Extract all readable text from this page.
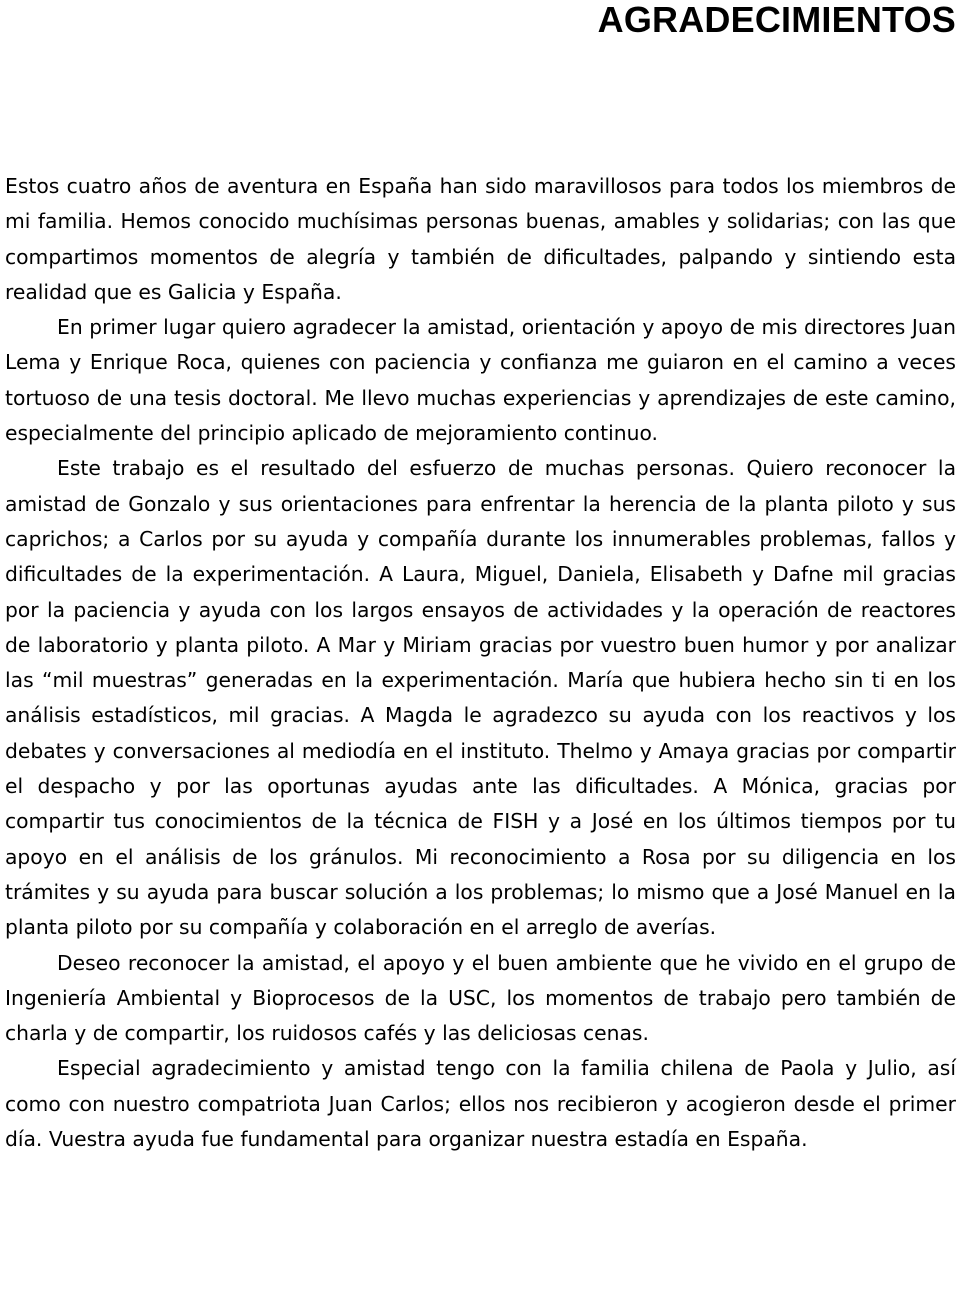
AGRADECIMIENTOS

Estos cuatro años de aventura en España han sido maravillosos para todos los miembros de mi familia. Hemos conocido muchísimas personas buenas, amables y solidarias; con las que compartimos momentos de alegría y también de dificultades, palpando y sintiendo esta realidad que es Galicia y España.

En primer lugar quiero agradecer la amistad, orientación y apoyo de mis directores Juan Lema y Enrique Roca, quienes con paciencia y confianza me guiaron en el camino a veces tortuoso de una tesis doctoral. Me llevo muchas experiencias y aprendizajes de este camino, especialmente del principio aplicado de mejoramiento continuo.

Este trabajo es el resultado del esfuerzo de muchas personas. Quiero reconocer la amistad de Gonzalo y sus orientaciones para enfrentar la herencia de la planta piloto y sus caprichos; a Carlos por su ayuda y compañía durante los innumerables problemas, fallos y dificultades de la experimentación. A Laura, Miguel, Daniela, Elisabeth y Dafne mil gracias por la paciencia y ayuda con los largos ensayos de actividades y la operación de reactores de laboratorio y planta piloto. A Mar y Miriam gracias por vuestro buen humor y por analizar las “mil muestras” generadas en la experimentación. María que hubiera hecho sin ti en los análisis estadísticos, mil gracias. A Magda le agradezco su ayuda con los reactivos y los debates y conversaciones al mediodía en el instituto. Thelmo y Amaya gracias por compartir el despacho y por las oportunas ayudas ante las dificultades. A Mónica, gracias por compartir tus conocimientos de la técnica de FISH y a José en los últimos tiempos por tu apoyo en el análisis de los gránulos. Mi reconocimiento a Rosa por su diligencia en los trámites y su ayuda para buscar solución a los problemas; lo mismo que a José Manuel en la planta piloto por su compañía y colaboración en el arreglo de averías.

Deseo reconocer la amistad, el apoyo y el buen ambiente que he vivido en el grupo de Ingeniería Ambiental y Bioprocesos de la USC, los momentos de trabajo pero también de charla y de compartir, los ruidosos cafés y las deliciosas cenas.

Especial agradecimiento y amistad tengo con la familia chilena de Paola y Julio, así como con nuestro compatriota Juan Carlos; ellos nos recibieron y acogieron desde el primer día. Vuestra ayuda fue fundamental para organizar nuestra estadía en España.
